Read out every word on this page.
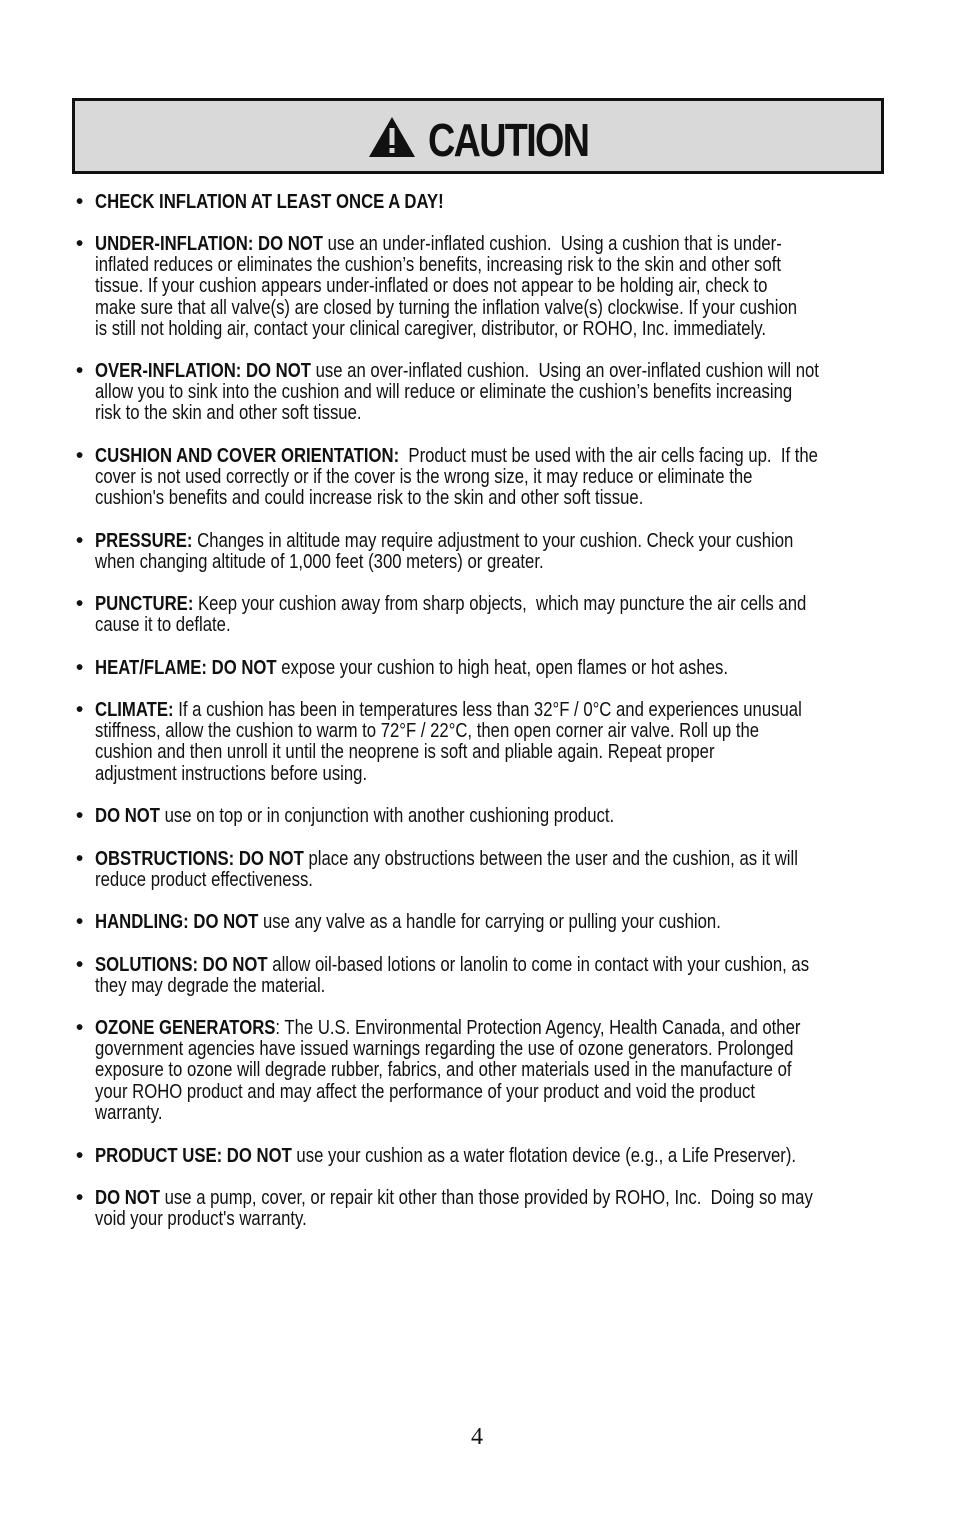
CAUTION
• CHECK INFLATION AT LEAST ONCE A DAY!
• UNDER-INFLATION: DO NOT use an under-inflated cushion.  Using a cushion that is under-
inflated reduces or eliminates the cushion’s benefits, increasing risk to the skin and other soft
tissue. If your cushion appears under-inflated or does not appear to be holding air, check to
make sure that all valve(s) are closed by turning the inflation valve(s) clockwise. If your cushion
is still not holding air, contact your clinical caregiver, distributor, or ROHO, Inc. immediately.
• OVER-INFLATION: DO NOT use an over-inflated cushion.  Using an over-inflated cushion will not
allow you to sink into the cushion and will reduce or eliminate the cushion’s benefits increasing
risk to the skin and other soft tissue.
• CUSHION AND COVER ORIENTATION:  Product must be used with the air cells facing up.  If the
cover is not used correctly or if the cover is the wrong size, it may reduce or eliminate the
cushion's benefits and could increase risk to the skin and other soft tissue.
• PRESSURE: Changes in altitude may require adjustment to your cushion. Check your cushion
when changing altitude of 1,000 feet (300 meters) or greater.
• PUNCTURE: Keep your cushion away from sharp objects,  which may puncture the air cells and
cause it to deflate.
• HEAT/FLAME: DO NOT expose your cushion to high heat, open flames or hot ashes.
• CLIMATE: If a cushion has been in temperatures less than 32°F / 0°C and experiences unusual
stiffness, allow the cushion to warm to 72°F / 22°C, then open corner air valve. Roll up the
cushion and then unroll it until the neoprene is soft and pliable again. Repeat proper
adjustment instructions before using.
• DO NOT use on top or in conjunction with another cushioning product.
• OBSTRUCTIONS: DO NOT place any obstructions between the user and the cushion, as it will
reduce product effectiveness.
• HANDLING: DO NOT use any valve as a handle for carrying or pulling your cushion.
• SOLUTIONS: DO NOT allow oil-based lotions or lanolin to come in contact with your cushion, as
they may degrade the material.
• OZONE GENERATORS: The U.S. Environmental Protection Agency, Health Canada, and other
government agencies have issued warnings regarding the use of ozone generators. Prolonged
exposure to ozone will degrade rubber, fabrics, and other materials used in the manufacture of
your ROHO product and may affect the performance of your product and void the product
warranty.
• PRODUCT USE: DO NOT use your cushion as a water flotation device (e.g., a Life Preserver).
• DO NOT use a pump, cover, or repair kit other than those provided by ROHO, Inc.  Doing so may
void your product's warranty.
4
